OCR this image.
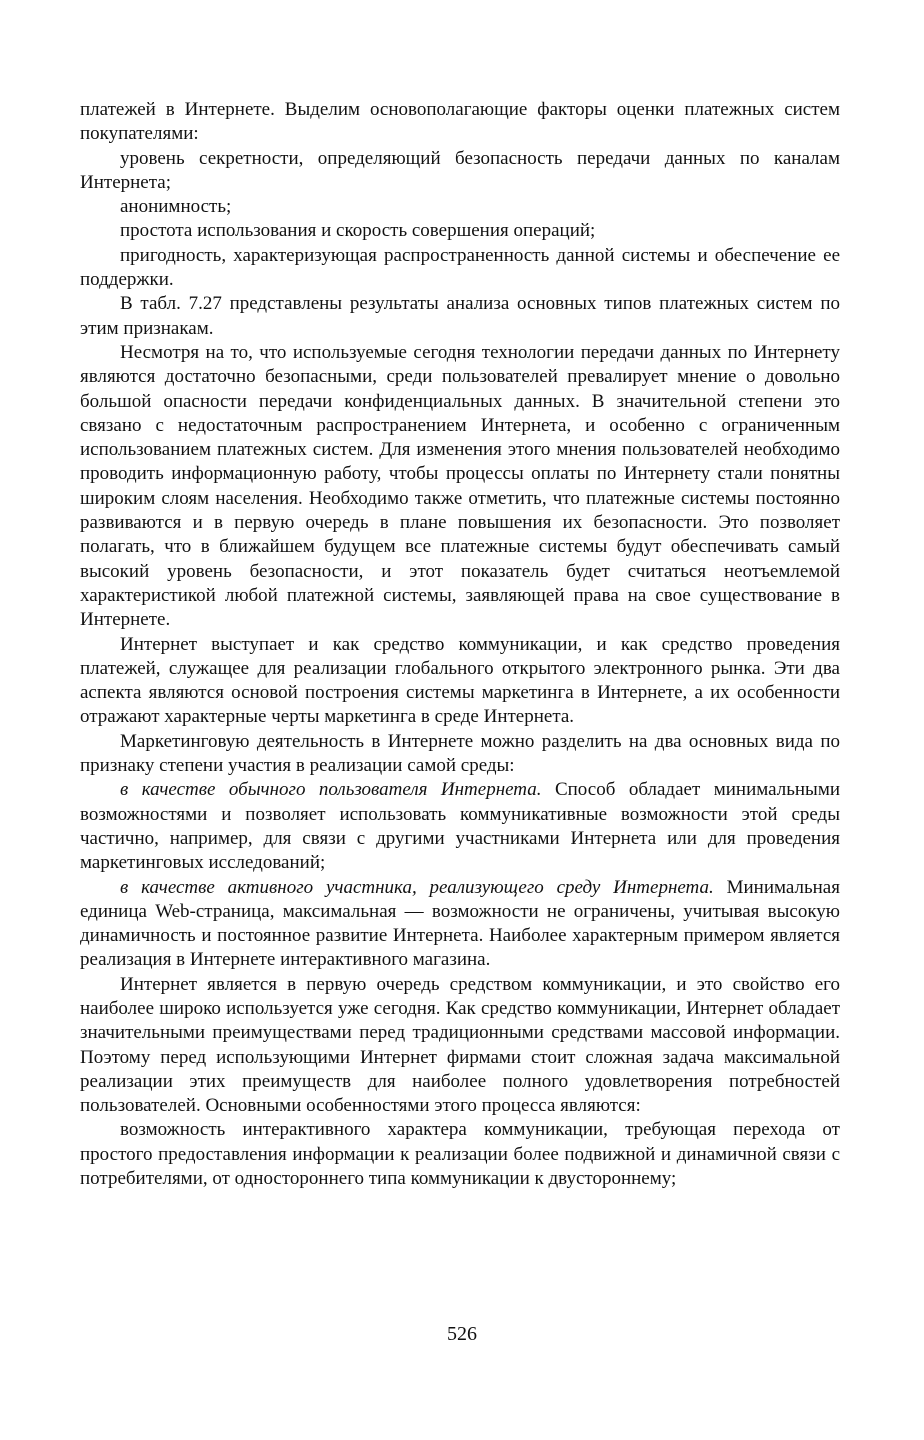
платежей в Интернете. Выделим основополагающие факторы оценки платежных систем покупателями:

уровень секретности, определяющий безопасность передачи данных по каналам Интернета;

анонимность;

простота использования и скорость совершения операций;

пригодность, характеризующая распространенность данной системы и обеспечение ее поддержки.

В табл. 7.27 представлены результаты анализа основных типов платежных систем по этим признакам.

Несмотря на то, что используемые сегодня технологии передачи данных по Интернету являются достаточно безопасными, среди пользователей превалирует мнение о довольно большой опасности передачи конфиденциальных данных. В значительной степени это связано с недостаточным распространением Интернета, и особенно с ограниченным использованием платежных систем. Для изменения этого мнения пользователей необходимо проводить информационную работу, чтобы процессы оплаты по Интернету стали понятны широким слоям населения. Необходимо также отметить, что платежные системы постоянно развиваются и в первую очередь в плане повышения их безопасности. Это позволяет полагать, что в ближайшем будущем все платежные системы будут обеспечивать самый высокий уровень безопасности, и этот показатель будет считаться неотъемлемой характеристикой любой платежной системы, заявляющей права на свое существование в Интернете.

Интернет выступает и как средство коммуникации, и как средство проведения платежей, служащее для реализации глобального открытого электронного рынка. Эти два аспекта являются основой построения системы маркетинга в Интернете, а их особенности отражают характерные черты маркетинга в среде Интернета.

Маркетинговую деятельность в Интернете можно разделить на два основных вида по признаку степени участия в реализации самой среды:

в качестве обычного пользователя Интернета. Способ обладает минимальными возможностями и позволяет использовать коммуникативные возможности этой среды частично, например, для связи с другими участниками Интернета или для проведения маркетинговых исследований;

в качестве активного участника, реализующего среду Интернета. Минимальная единица Web-страница, максимальная — возможности не ограничены, учитывая высокую динамичность и постоянное развитие Интернета. Наиболее характерным примером является реализация в Интернете интерактивного магазина.

Интернет является в первую очередь средством коммуникации, и это свойство его наиболее широко используется уже сегодня. Как средство коммуникации, Интернет обладает значительными преимуществами перед традиционными средствами массовой информации. Поэтому перед использующими Интернет фирмами стоит сложная задача максимальной реализации этих преимуществ для наиболее полного удовлетворения потребностей пользователей. Основными особенностями этого процесса являются:

возможность интерактивного характера коммуникации, требующая перехода от простого предоставления информации к реализации более подвижной и динамичной связи с потребителями, от одностороннего типа коммуникации к двустороннему;

526
